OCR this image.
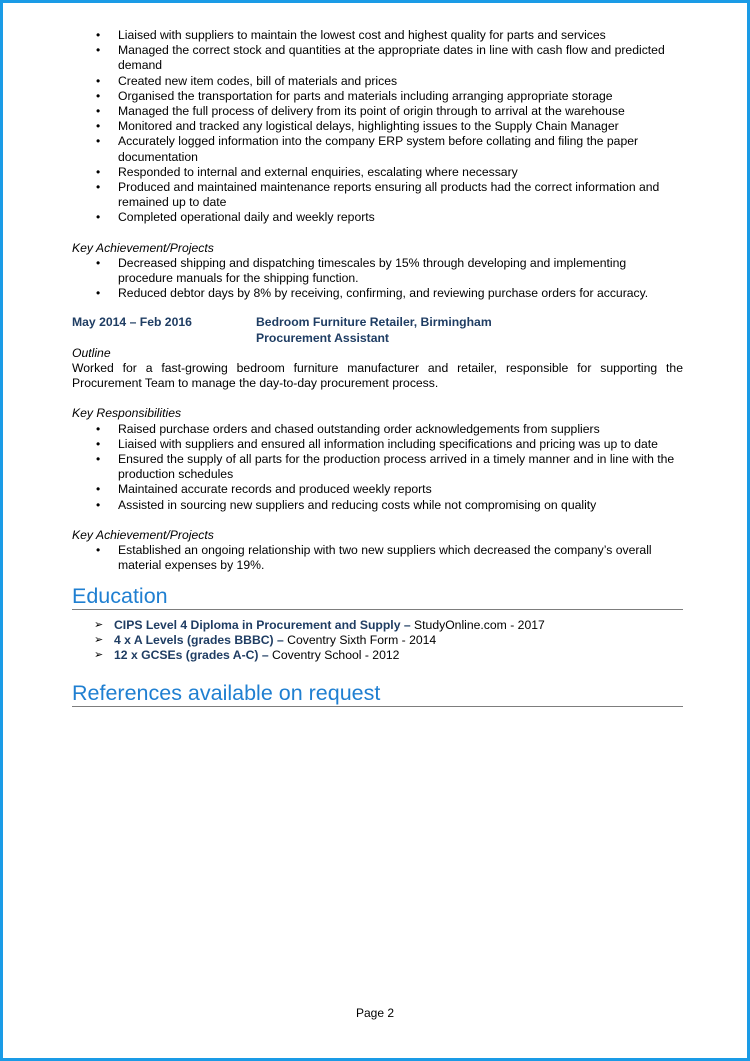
• Liaised with suppliers to maintain the lowest cost and highest quality for parts and services
• Managed the correct stock and quantities at the appropriate dates in line with cash flow and predicted demand
• Created new item codes, bill of materials and prices
• Organised the transportation for parts and materials including arranging appropriate storage
• Managed the full process of delivery from its point of origin through to arrival at the warehouse
• Monitored and tracked any logistical delays, highlighting issues to the Supply Chain Manager
• Accurately logged information into the company ERP system before collating and filing the paper documentation
• Responded to internal and external enquiries, escalating where necessary
• Produced and maintained maintenance reports ensuring all products had the correct information and remained up to date
• Completed operational daily and weekly reports
Key Achievement/Projects
• Decreased shipping and dispatching timescales by 15% through developing and implementing procedure manuals for the shipping function.
• Reduced debtor days by 8% by receiving, confirming, and reviewing purchase orders for accuracy.
May 2014 – Feb 2016	Bedroom Furniture Retailer, Birmingham
Procurement Assistant
Outline
Worked for a fast-growing bedroom furniture manufacturer and retailer, responsible for supporting the Procurement Team to manage the day-to-day procurement process.
Key Responsibilities
• Raised purchase orders and chased outstanding order acknowledgements from suppliers
• Liaised with suppliers and ensured all information including specifications and pricing was up to date
• Ensured the supply of all parts for the production process arrived in a timely manner and in line with the production schedules
• Maintained accurate records and produced weekly reports
• Assisted in sourcing new suppliers and reducing costs while not compromising on quality
Key Achievement/Projects
• Established an ongoing relationship with two new suppliers which decreased the company’s overall material expenses by 19%.
Education
➢ CIPS Level 4 Diploma in Procurement and Supply – StudyOnline.com - 2017
➢ 4 x A Levels (grades BBBC) – Coventry Sixth Form - 2014
➢ 12 x GCSEs (grades A-C) – Coventry School - 2012
References available on request
Page 2
